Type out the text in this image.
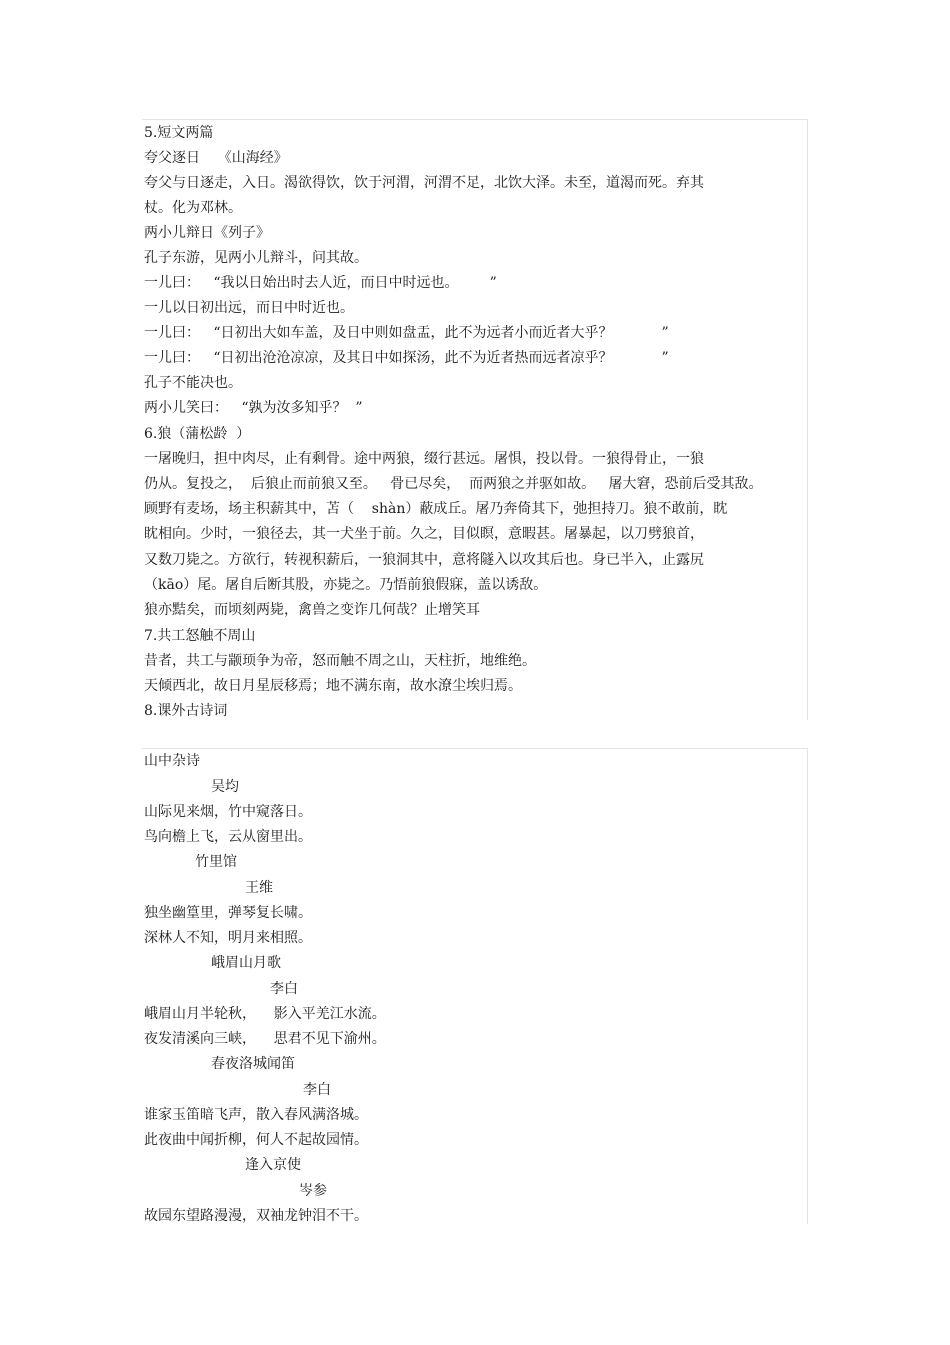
5.短文两篇
夸父逐日    《山海经》
夸父与日逐走，入日。渴欲得饮，饮于河渭，河渭不足，北饮大泽。未至，道渴而死。弃其
杖。化为邓林。
两小儿辩日《列子》
孔子东游，见两小儿辩斗，问其故。
一儿曰：   “我以日始出时去人近，而日中时远也。       ”
一儿以日初出远，而日中时近也。
一儿曰：   “日初出大如车盖，及日中则如盘盂，此不为远者小而近者大乎？           ”
一儿曰：   “日初出沧沧凉凉，及其日中如探汤，此不为近者热而远者凉乎？           ”
孔子不能决也。
两小儿笑曰：   “孰为汝多知乎？  ”
6.狼（蒲松龄  ）
一屠晚归，担中肉尽，止有剩骨。途中两狼，缀行甚远。屠惧，投以骨。一狼得骨止，一狼
仍从。复投之，  后狼止而前狼又至。   骨已尽矣，  而两狼之并驱如故。   屠大窘，恐前后受其敌。
顾野有麦场，场主积薪其中，苫（    shàn）蔽成丘。屠乃奔倚其下，弛担持刀。狼不敢前，眈
眈相向。少时，一狼径去，其一犬坐于前。久之，目似瞑，意暇甚。屠暴起，以刀劈狼首，
又数刀毙之。方欲行，转视积薪后，一狼洞其中，意将隧入以攻其后也。身已半入，止露尻
（kāo）尾。屠自后断其股，亦毙之。乃悟前狼假寐，盖以诱敌。
狼亦黠矣，而顷刻两毙，禽兽之变诈几何哉？止增笑耳
7.共工怒触不周山
昔者，共工与颛顼争为帝，怒而触不周之山，天柱折，地维绝。
天倾西北，故日月星辰移焉；地不满东南，故水潦尘埃归焉。
8.课外古诗词
山中杂诗
吴均
山际见来烟，竹中窥落日。
鸟向檐上飞，云从窗里出。
竹里馆
王维
独坐幽篁里，弹琴复长啸。
深林人不知，明月来相照。
峨眉山月歌
李白
峨眉山月半轮秋，    影入平羌江水流。
夜发清溪向三峡，    思君不见下渝州。
春夜洛城闻笛
李白
谁家玉笛暗飞声，散入春风满洛城。
此夜曲中闻折柳，何人不起故园情。
逢入京使
岑参
故园东望路漫漫，双袖龙钟泪不干。
